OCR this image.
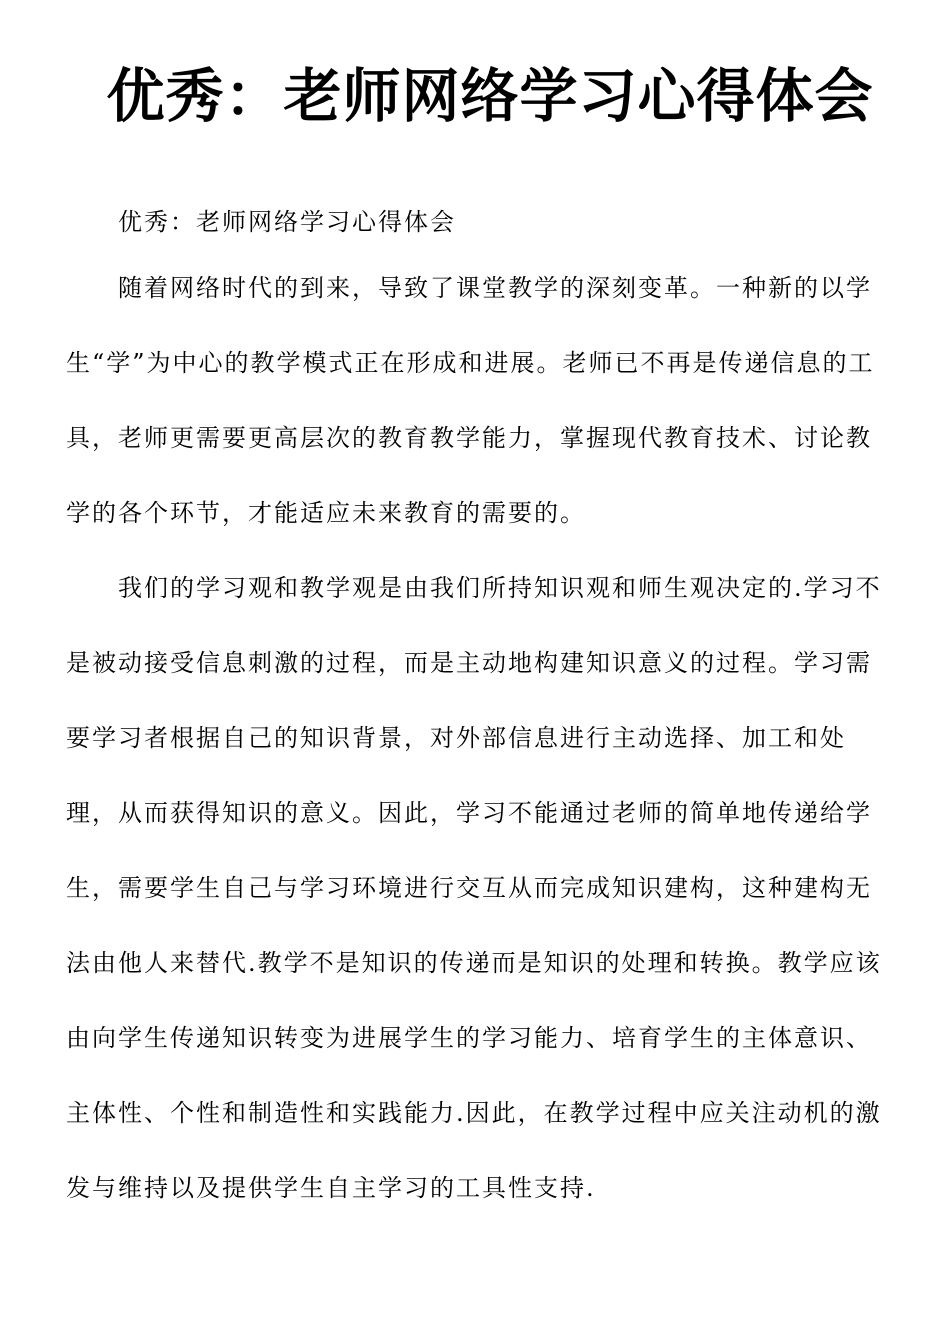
优秀：老师网络学习心得体会

优秀：老师网络学习心得体会

随着网络时代的到来，导致了课堂教学的深刻变革。一种新的以学生“学”为中心的教学模式正在形成和进展。老师已不再是传递信息的工具，老师更需要更高层次的教育教学能力，掌握现代教育技术、讨论教学的各个环节，才能适应未来教育的需要的。

我们的学习观和教学观是由我们所持知识观和师生观决定的.学习不是被动接受信息刺激的过程，而是主动地构建知识意义的过程。学习需要学习者根据自己的知识背景，对外部信息进行主动选择、加工和处理，从而获得知识的意义。因此，学习不能通过老师的简单地传递给学生，需要学生自己与学习环境进行交互从而完成知识建构，这种建构无法由他人来替代.教学不是知识的传递而是知识的处理和转换。教学应该由向学生传递知识转变为进展学生的学习能力、培育学生的主体意识、主体性、个性和制造性和实践能力.因此，在教学过程中应关注动机的激发与维持以及提供学生自主学习的工具性支持.
